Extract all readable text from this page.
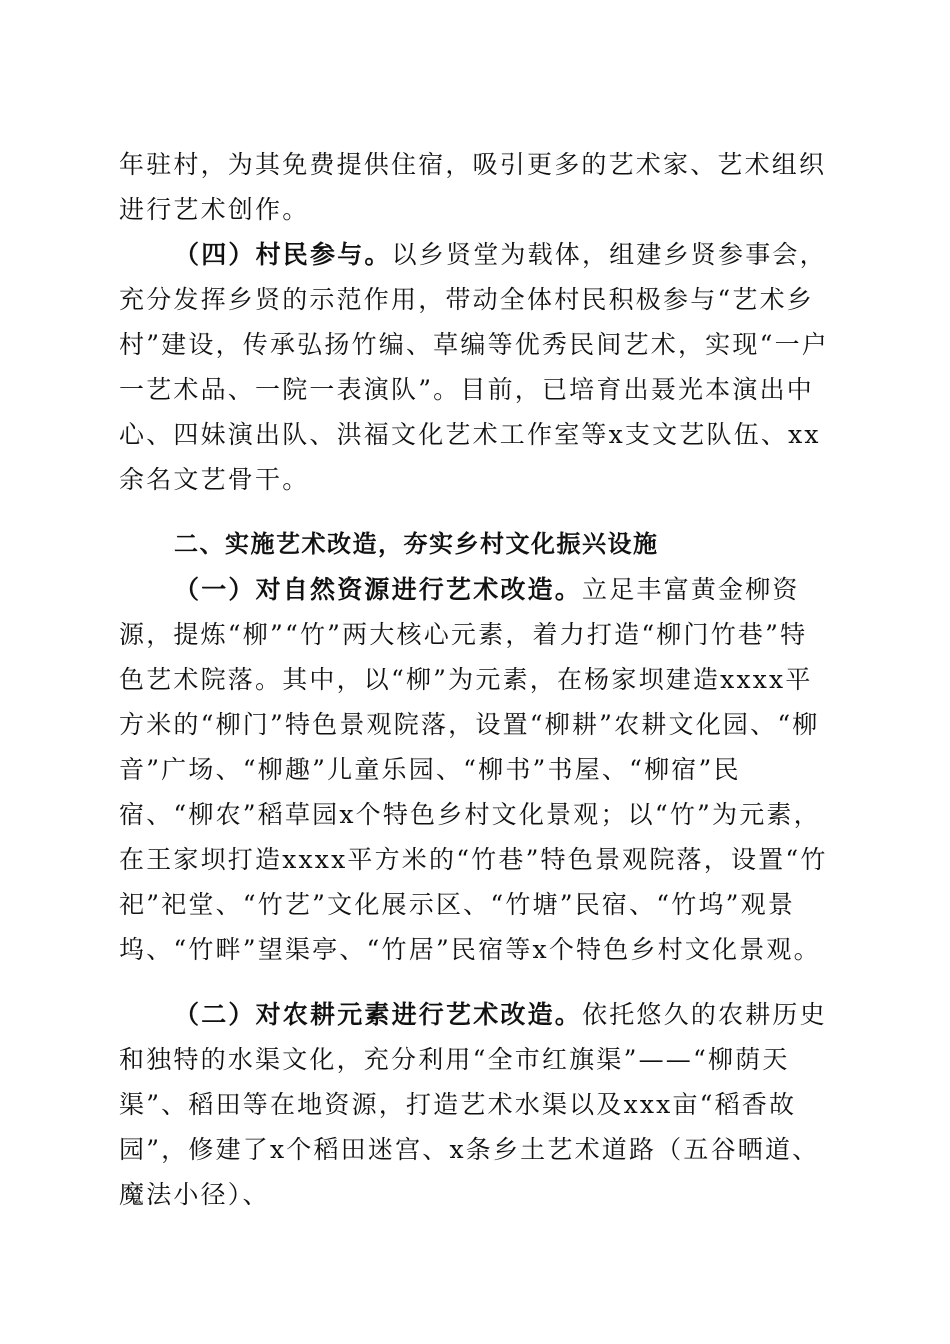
年驻村，为其免费提供住宿，吸引更多的艺术家、艺术组织进行艺术创作。

（四）村民参与。以乡贤堂为载体，组建乡贤参事会，充分发挥乡贤的示范作用，带动全体村民积极参与“艺术乡村”建设，传承弘扬竹编、草编等优秀民间艺术，实现“一户一艺术品、一院一表演队”。目前，已培育出聂光本演出中心、四妹演出队、洪福文化艺术工作室等x支文艺队伍、xx余名文艺骨干。

二、实施艺术改造，夯实乡村文化振兴设施

（一）对自然资源进行艺术改造。立足丰富黄金柳资源，提炼“柳”“竹”两大核心元素，着力打造“柳门竹巷”特色艺术院落。其中，以“柳”为元素，在杨家坝建造xxxx平方米的“柳门”特色景观院落，设置“柳耕”农耕文化园、“柳音”广场、“柳趣”儿童乐园、“柳书”书屋、“柳宿”民宿、“柳农”稻草园x个特色乡村文化景观；以“竹”为元素，在王家坝打造xxxx平方米的“竹巷”特色景观院落，设置“竹祀”祀堂、“竹艺”文化展示区、“竹塘”民宿、“竹坞”观景坞、“竹畔”望渠亭、“竹居”民宿等x个特色乡村文化景观。

（二）对农耕元素进行艺术改造。依托悠久的农耕历史和独特的水渠文化，充分利用“全市红旗渠”——“柳荫天渠”、稻田等在地资源，打造艺术水渠以及xxx亩“稻香故园”，修建了x个稻田迷宫、x条乡土艺术道路（五谷晒道、魔法小径）、
